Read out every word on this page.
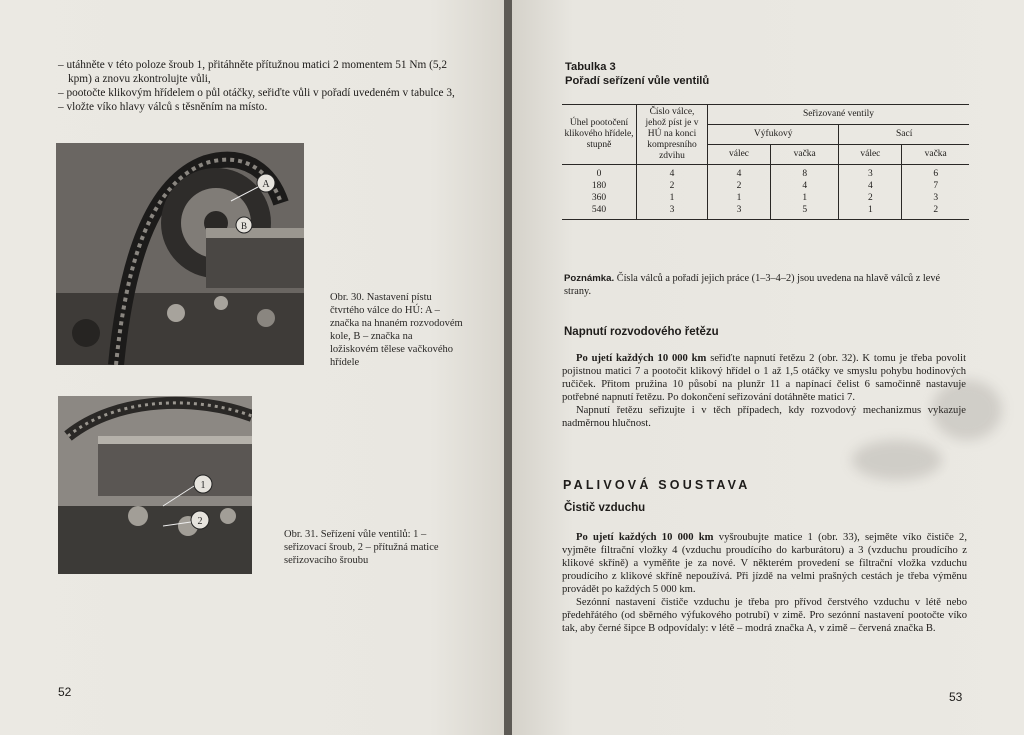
– utáhněte v této poloze šroub 1, přitáhněte přítužnou matici 2 momentem 51 Nm (5,2 kpm) a znovu zkontrolujte vůli,

– pootočte klikovým hřídelem o půl otáčky, seřiďte vůli v pořadí uvedeném v tabulce 3,

– vložte víko hlavy válců s těsněním na místo.

A
B
Obr. 30. Nastavení pístu čtvrtého válce do HÚ: A – značka na hnaném rozvodovém kole, B – značka na ložiskovém tělese vačkového hřídele
1
2
Obr. 31. Seřízení vůle ventilů: 1 – seřizovací šroub, 2 – přítužná matice seřizovacího šroubu
52
Tabulka 3
Pořadí seřízení vůle ventilů
Úhel pootočení klikového hřídele, stupně	Číslo válce, jehož píst je v HÚ na konci kompresního zdvihu	Seřizované ventily			
		Výfukový		Sací	
		válec	vačka	válec	vačka
0	4	4	8	3	6
180	2	2	4	4	7
360	1	1	1	2	3
540	3	3	5	1	2
Poznámka. Čísla válců a pořadí jejich práce (1–3–4–2) jsou uvedena na hlavě válců z levé strany.
Napnutí rozvodového řetězu

Po ujetí každých 10 000 km seřiďte napnutí řetězu 2 (obr. 32). K tomu je třeba povolit pojistnou matici 7 a pootočit klikový hřídel o 1 až 1,5 otáčky ve smyslu pohybu hodinových ručiček. Přitom pružina 10 působí na plunžr 11 a napínací čelist 6 samočinně nastavuje potřebné napnutí řetězu. Po dokončení seřizování dotáhněte matici 7.

Napnutí řetězu seřizujte i v těch případech, kdy rozvodový mechanizmus vykazuje nadměrnou hlučnost.

PALIVOVÁ SOUSTAVA
Čistič vzduchu

Po ujetí každých 10 000 km vyšroubujte matice 1 (obr. 33), sejměte víko čističe 2, vyjměte filtrační vložky 4 (vzduchu proudícího do karburátoru) a 3 (vzduchu proudícího z klikové skříně) a vyměňte je za nové. V některém provedení se filtrační vložka vzduchu proudícího z klikové skříně nepoužívá. Při jízdě na velmi prašných cestách je třeba výměnu provádět po každých 5 000 km.

Sezónní nastavení čističe vzduchu je třeba pro přívod čerstvého vzduchu v létě nebo předehřátého (od sběrného výfukového potrubí) v zimě. Pro sezónní nastavení pootočte víko tak, aby černé šipce B odpovídaly: v létě – modrá značka A, v zimě – červená značka B.

53
